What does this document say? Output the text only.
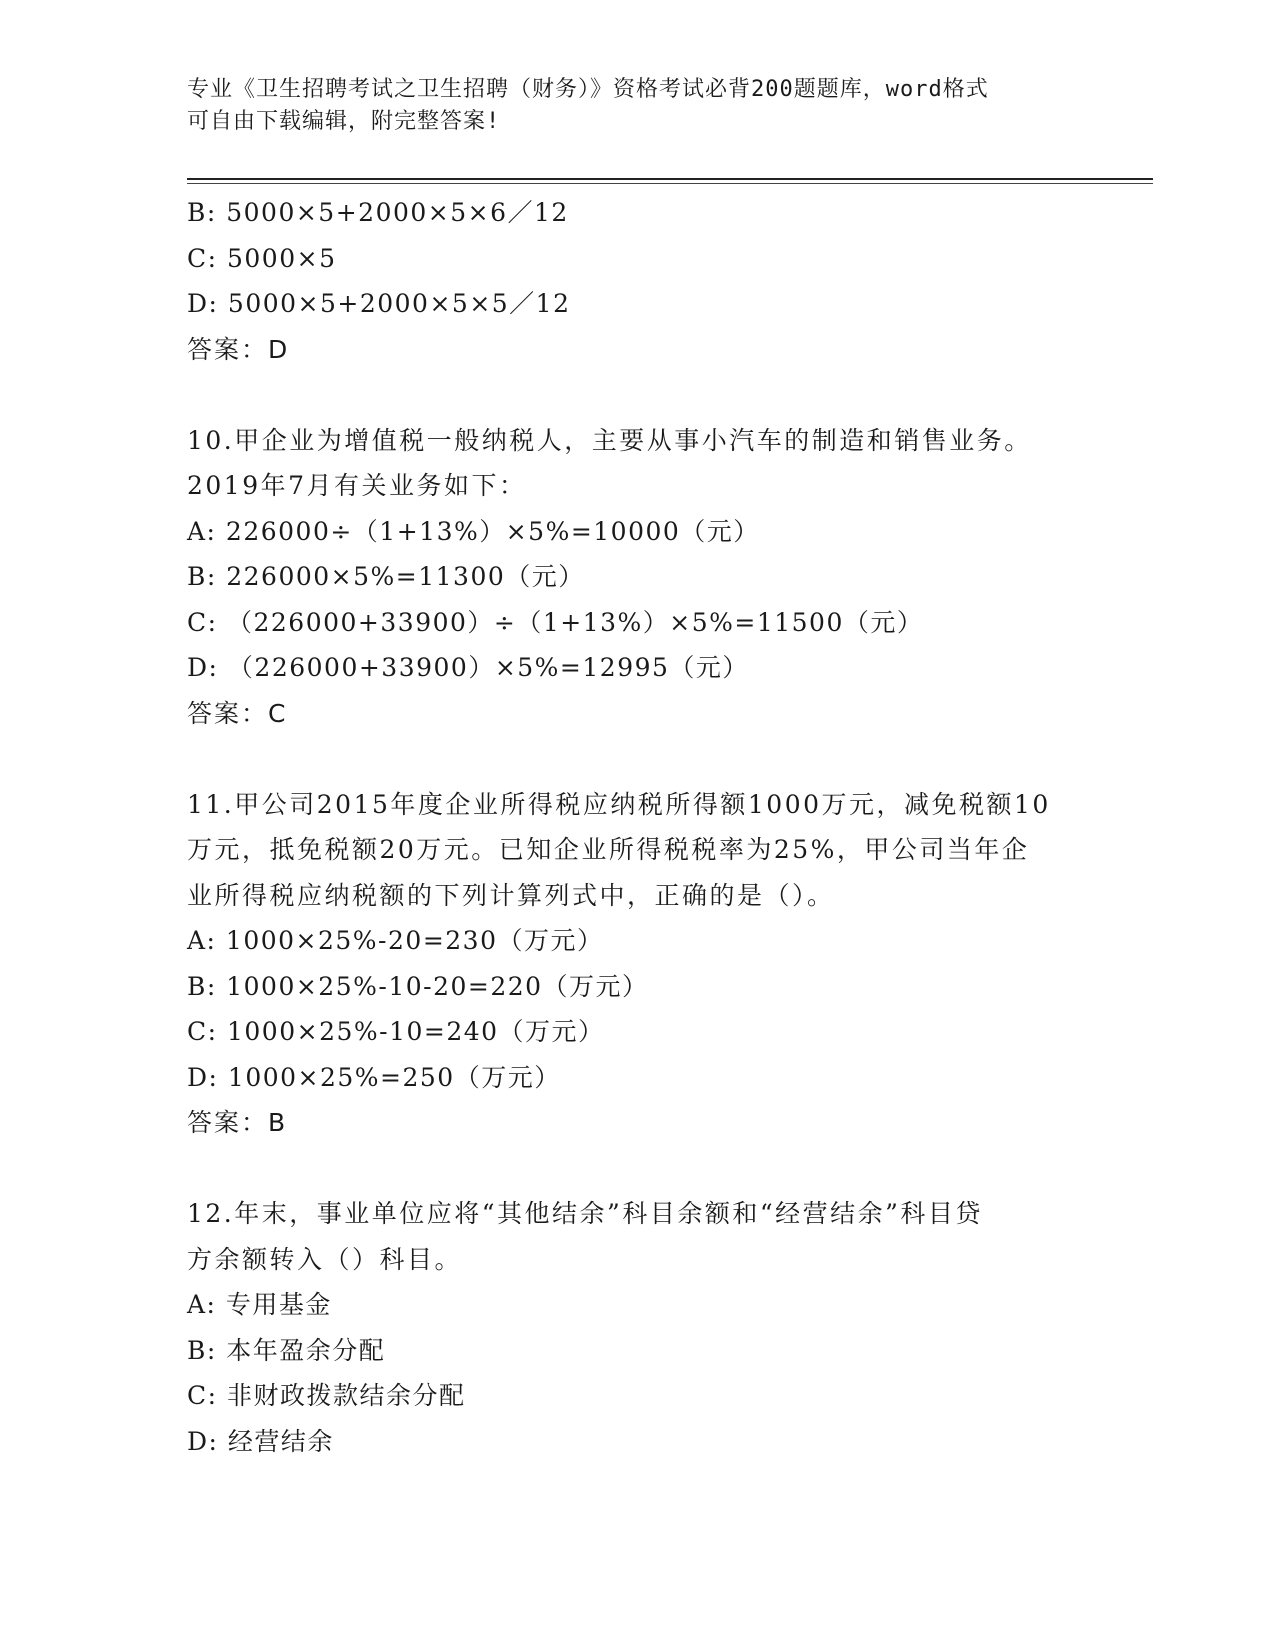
专业《卫生招聘考试之卫生招聘（财务）》资格考试必背200题题库，word格式
可自由下载编辑，附完整答案!
B: 5000×5+2000×5×6／12
C: 5000×5
D: 5000×5+2000×5×5／12
答案：D
10.甲企业为增值税一般纳税人，主要从事小汽车的制造和销售业务。
2019年7月有关业务如下：
A: 226000÷（1+13%）×5%=10000（元）
B: 226000×5%=11300（元）
C: （226000+33900）÷（1+13%）×5%=11500（元）
D: （226000+33900）×5%=12995（元）
答案：C
11.甲公司2015年度企业所得税应纳税所得额1000万元，减免税额10
万元，抵免税额20万元。已知企业所得税税率为25%，甲公司当年企
业所得税应纳税额的下列计算列式中，正确的是（）。
A: 1000×25%-20=230（万元）
B: 1000×25%-10-20=220（万元）
C: 1000×25%-10=240（万元）
D: 1000×25%=250（万元）
答案：B
12.年末，事业单位应将“其他结余”科目余额和“经营结余”科目贷
方余额转入（）科目。
A: 专用基金
B: 本年盈余分配
C: 非财政拨款结余分配
D: 经营结余
